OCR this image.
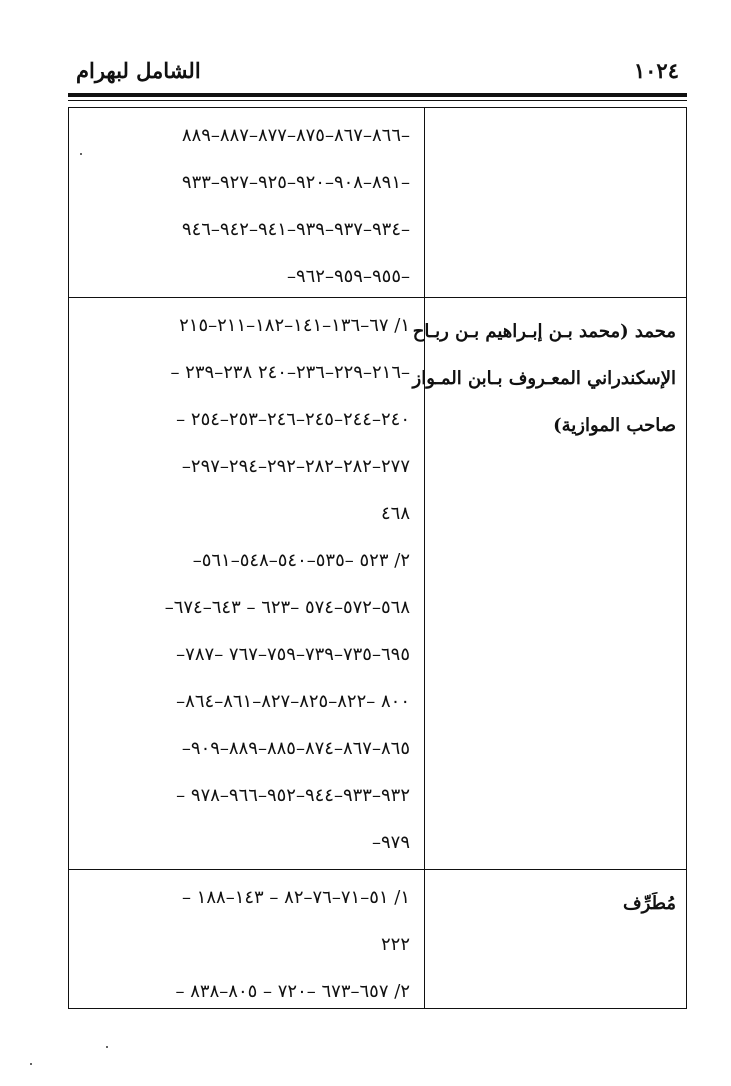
١٠٢٤
الشامل لبهرام
–٨٦٦–٨٦٧–٨٧٥–٨٧٧–٨٨٧–٨٨٩
–٨٩١–٩٠٨–٩٢٠–٩٢٥–٩٢٧–٩٣٣
–٩٣٤–٩٣٧–٩٣٩–٩٤١–٩٤٢–٩٤٦
–٩٥٥–٩٥٩–٩٦٢–
محمد (محمد بـن إبـراهيم بـن ربـاح
الإسكندراني المعـروف بـابن المـواز
صاحب الموازية)
١/ ٦٧–١٣٦–١٤١–١٨٢–٢١١–٢١٥
–٢١٦–٢٢٩–٢٣٦–٢٤٠ ٢٣٨–٢٣٩ –
٢٤٠–٢٤٤–٢٤٥–٢٤٦–٢٥٣–٢٥٤ –
٢٧٧–٢٨٢–٢٨٢–٢٩٢–٢٩٤–٢٩٧–
٤٦٨
٢/ ٥٢٣ –٥٣٥–٥٤٠–٥٤٨–٥٦١–
٥٦٨–٥٧٢–٥٧٤ –٦٢٣ – ٦٤٣–٦٧٤–
٦٩٥–٧٣٥–٧٣٩–٧٥٩–٧٦٧ –٧٨٧–
٨٠٠ –٨٢٢–٨٢٥–٨٢٧–٨٦١–٨٦٤–
٨٦٥–٨٦٧–٨٧٤–٨٨٥–٨٨٩–٩٠٩–
٩٣٢–٩٣٣–٩٤٤–٩٥٢–٩٦٦–٩٧٨ –
٩٧٩–
مُطَرِّف
١/ ٥١–٧١–٧٦–٨٢ – ١٤٣–١٨٨ –
٢٢٢
٢/ ٦٥٧–٦٧٣ –٧٢٠ – ٨٠٥–٨٣٨ –
